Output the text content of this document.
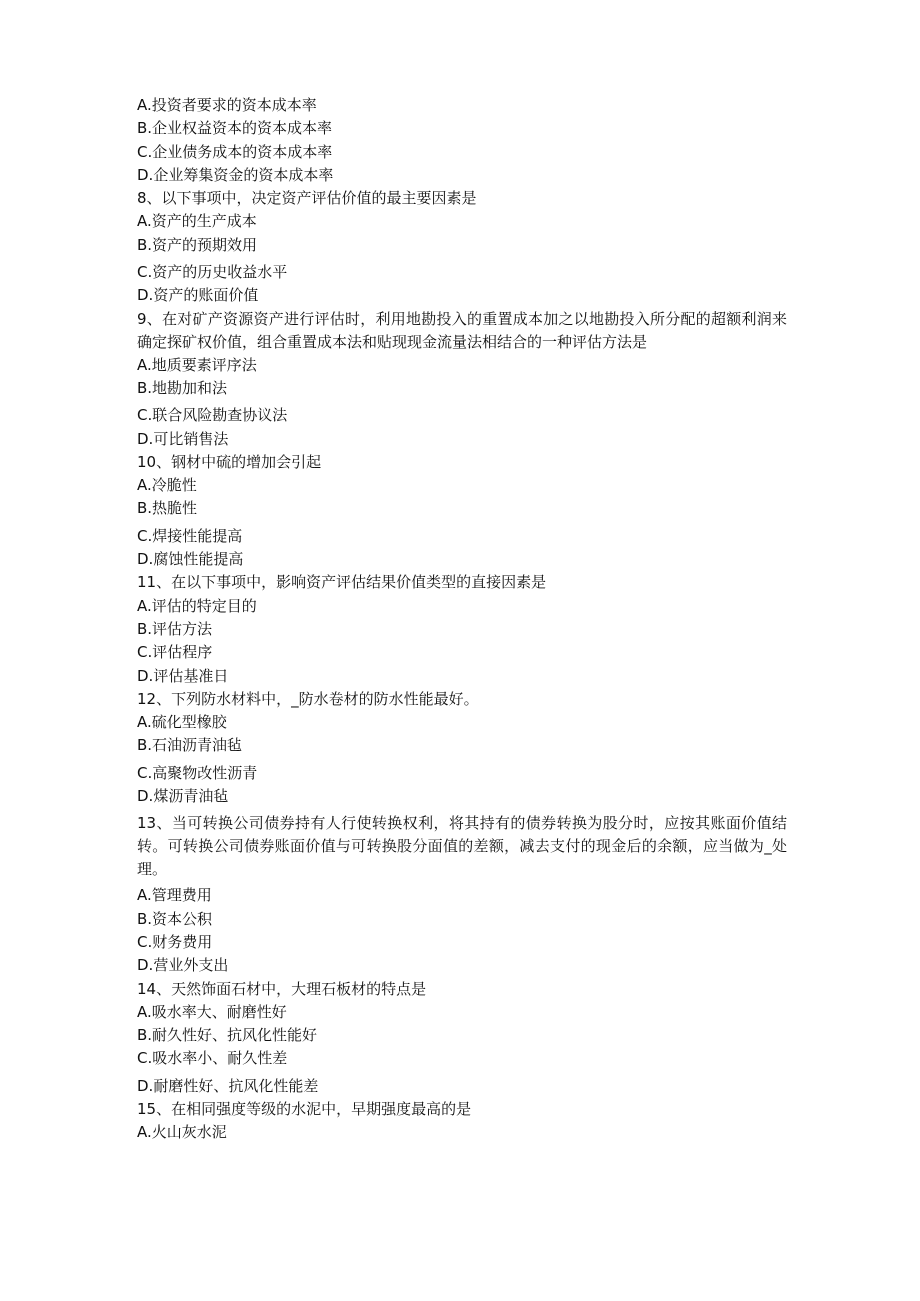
A.投资者要求的资本成本率
B.企业权益资本的资本成本率
C.企业债务成本的资本成本率
D.企业筹集资金的资本成本率
8、以下事项中，决定资产评估价值的最主要因素是
A.资产的生产成本
B.资产的预期效用
C.资产的历史收益水平
D.资产的账面价值
9、在对矿产资源资产进行评估时，利用地勘投入的重置成本加之以地勘投入所分配的超额利润来确定探矿权价值，组合重置成本法和贴现现金流量法相结合的一种评估方法是
A.地质要素评序法
B.地勘加和法
C.联合风险勘查协议法
D.可比销售法
10、钢材中硫的增加会引起
A.冷脆性
B.热脆性
C.焊接性能提高
D.腐蚀性能提高
11、在以下事项中，影响资产评估结果价值类型的直接因素是
A.评估的特定目的
B.评估方法
C.评估程序
D.评估基准日
12、下列防水材料中，_防水卷材的防水性能最好。
A.硫化型橡胶
B.石油沥青油毡
C.高聚物改性沥青
D.煤沥青油毡
13、当可转换公司债券持有人行使转换权利，将其持有的债券转换为股分时，应按其账面价值结转。可转换公司债券账面价值与可转换股分面值的差额，减去支付的现金后的余额，应当做为_处理。
A.管理费用
B.资本公积
C.财务费用
D.营业外支出
14、天然饰面石材中，大理石板材的特点是
A.吸水率大、耐磨性好
B.耐久性好、抗风化性能好
C.吸水率小、耐久性差
D.耐磨性好、抗风化性能差
15、在相同强度等级的水泥中，早期强度最高的是
A.火山灰水泥
